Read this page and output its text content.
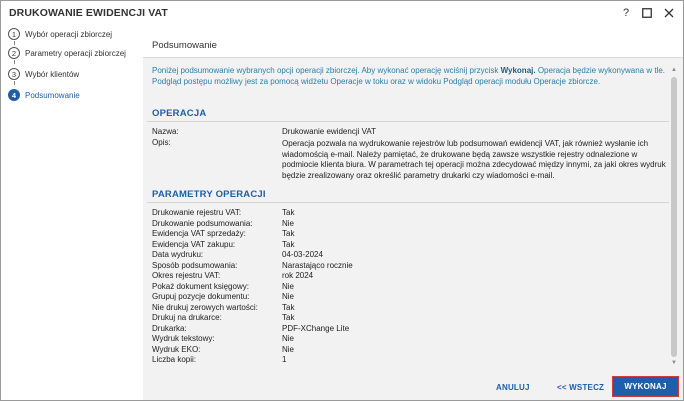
DRUKOWANIE EWIDENCJI VAT	?
1	Wybór operacji zbiorczej
2	Parametry operacji zbiorczej
3	Wybór klientów
4	Podsumowanie
Podsumowanie
Poniżej podsumowanie wybranych opcji operacji zbiorczej. Aby wykonać operację wciśnij przycisk Wykonaj. Operacja będzie wykonywana w tle. Podgląd postępu możliwy jest za pomocą widżetu Operacje w toku oraz w widoku Podgląd operacji modułu Operacje zbiorcze.
OPERACJA
Nazwa:	Drukowanie ewidencji VAT
Opis:	Operacja pozwala na wydrukowanie rejestrów lub podsumowań ewidencji VAT, jak również wysłanie ich wiadomością e-mail. Należy pamiętać, że drukowane będą zawsze wszystkie rejestry odnalezione w podmiocie klienta biura. W parametrach tej operacji można zdecydować między innymi, za jaki okres wydruk będzie zrealizowany oraz określić parametry drukarki czy wiadomości e-mail.
PARAMETRY OPERACJI
Drukowanie rejestru VAT:	Tak
Drukowanie podsumowania:	Nie
Ewidencja VAT sprzedaży:	Tak
Ewidencja VAT zakupu:	Tak
Data wydruku:	04-03-2024
Sposób podsumowania:	Narastająco rocznie
Okres rejestru VAT:	rok 2024
Pokaż dokument księgowy:	Nie
Grupuj pozycje dokumentu:	Nie
Nie drukuj zerowych wartości:	Tak
Drukuj na drukarce:	Tak
Drukarka:	PDF-XChange Lite
Wydruk tekstowy:	Nie
Wydruk EKO:	Nie
Liczba kopii:	1
▲
▼
ANULUJ	<< WSTECZ	WYKONAJ
